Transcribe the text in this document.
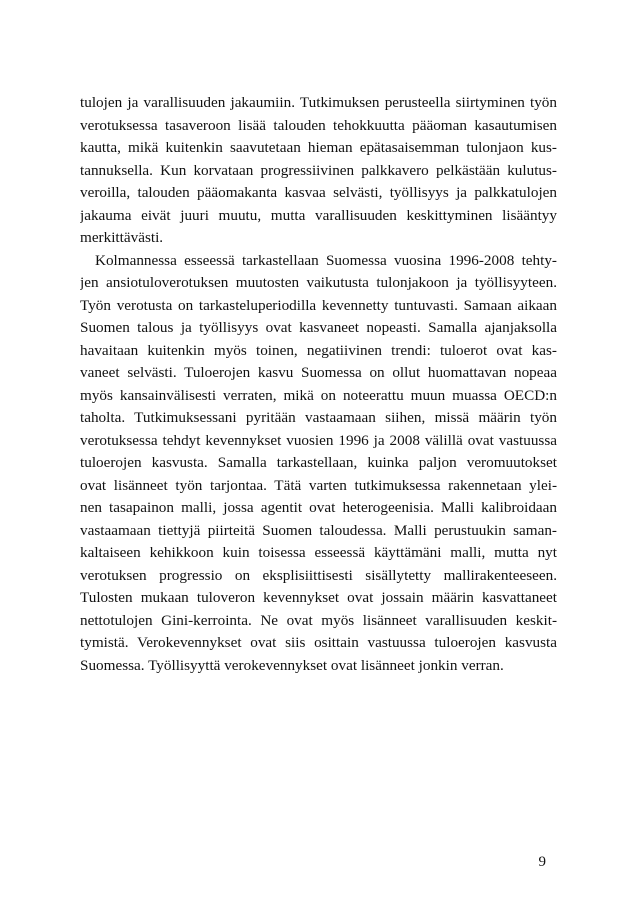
tulojen ja varallisuuden jakaumiin. Tutkimuksen perusteella siirtyminen työn
verotuksessa tasaveroon lisää talouden tehokkuutta pääoman kasautumisen
kautta, mikä kuitenkin saavutetaan hieman epätasaisemman tulonjaon kus-
tannuksella. Kun korvataan progressiivinen palkkavero pelkästään kulutus-
veroilla, talouden pääomakanta kasvaa selvästi, työllisyys ja palkkatulojen
jakauma eivät juuri muutu, mutta varallisuuden keskittyminen lisääntyy
merkittävästi.
Kolmannessa esseessä tarkastellaan Suomessa vuosina 1996-2008 tehty-
jen ansiotuloverotuksen muutosten vaikutusta tulonjakoon ja työllisyyteen.
Työn verotusta on tarkasteluperiodilla kevennetty tuntuvasti. Samaan aikaan
Suomen talous ja työllisyys ovat kasvaneet nopeasti. Samalla ajanjaksolla
havaitaan kuitenkin myös toinen, negatiivinen trendi: tuloerot ovat kas-
vaneet selvästi. Tuloerojen kasvu Suomessa on ollut huomattavan nopeaa
myös kansainvälisesti verraten, mikä on noteerattu muun muassa OECD:n
taholta. Tutkimuksessani pyritään vastaamaan siihen, missä määrin työn
verotuksessa tehdyt kevennykset vuosien 1996 ja 2008 välillä ovat vastuussa
tuloerojen kasvusta. Samalla tarkastellaan, kuinka paljon veromuutokset
ovat lisänneet työn tarjontaa. Tätä varten tutkimuksessa rakennetaan ylei-
nen tasapainon malli, jossa agentit ovat heterogeenisia. Malli kalibroidaan
vastaamaan tiettyjä piirteitä Suomen taloudessa. Malli perustuukin saman-
kaltaiseen kehikkoon kuin toisessa esseessä käyttämäni malli, mutta nyt
verotuksen progressio on eksplisiittisesti sisällytetty mallirakenteeseen.
Tulosten mukaan tuloveron kevennykset ovat jossain määrin kasvattaneet
nettotulojen Gini-kerrointa. Ne ovat myös lisänneet varallisuuden keskit-
tymistä. Verokevennykset ovat siis osittain vastuussa tuloerojen kasvusta
Suomessa. Työllisyyttä verokevennykset ovat lisänneet jonkin verran.
9
